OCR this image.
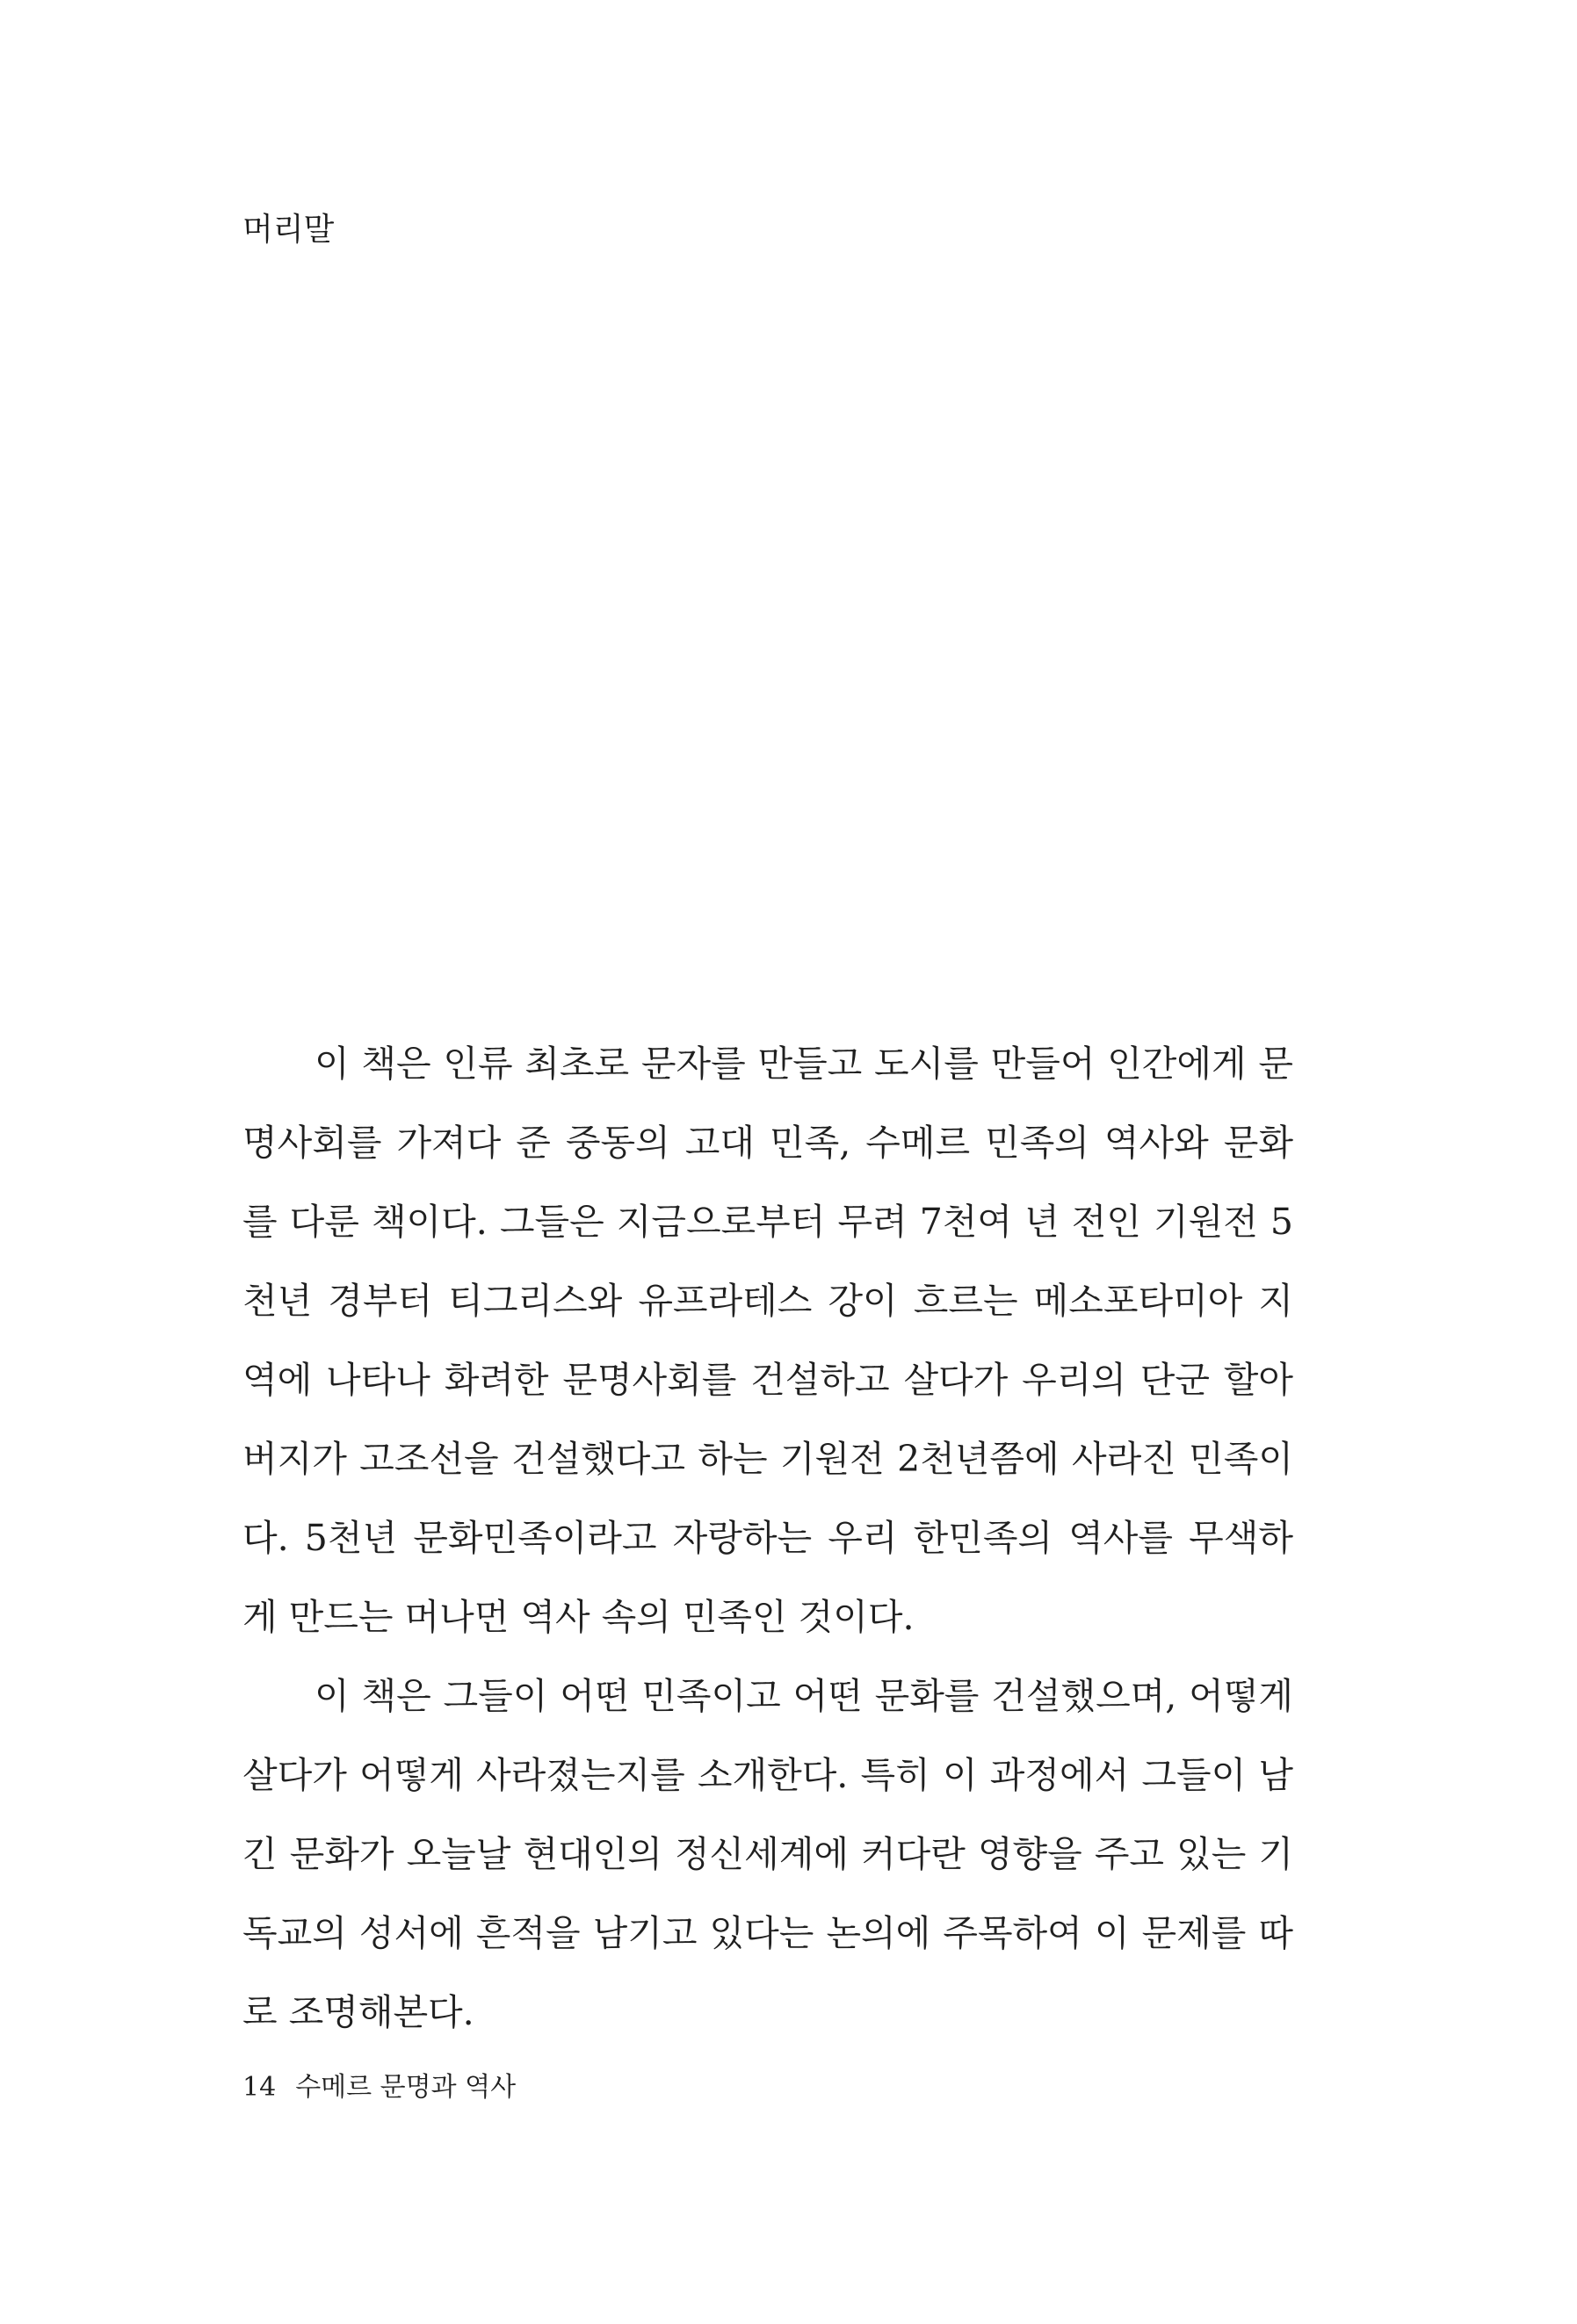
머리말

이 책은 인류 최초로 문자를 만들고 도시를 만들어 인간에게 문명사회를 가져다 준 중동의 고대 민족, 수메르 민족의 역사와 문화를 다룬 책이다. 그들은 지금으로부터 무려 7천여 년 전인 기원전 5천년 경부터 티그리스와 유프라테스 강이 흐르는 메소포타미아 지역에 나타나 화려한 문명사회를 건설하고 살다가 우리의 단군 할아버지가 고조선을 건설했다고 하는 기원전 2천년쯤에 사라진 민족이다. 5천년 문화민족이라고 자랑하는 우리 한민족의 역사를 무색하게 만드는 머나먼 역사 속의 민족인 것이다.

이 책은 그들이 어떤 민족이고 어떤 문화를 건설했으며, 어떻게 살다가 어떻게 사라졌는지를 소개한다. 특히 이 과정에서 그들이 남긴 문화가 오늘날 현대인의 정신세계에 커다란 영향을 주고 있는 기독교의 성서에 흔적을 남기고 있다는 논의에 주목하여 이 문제를 따로 조명해본다.

14 수메르 문명과 역사
